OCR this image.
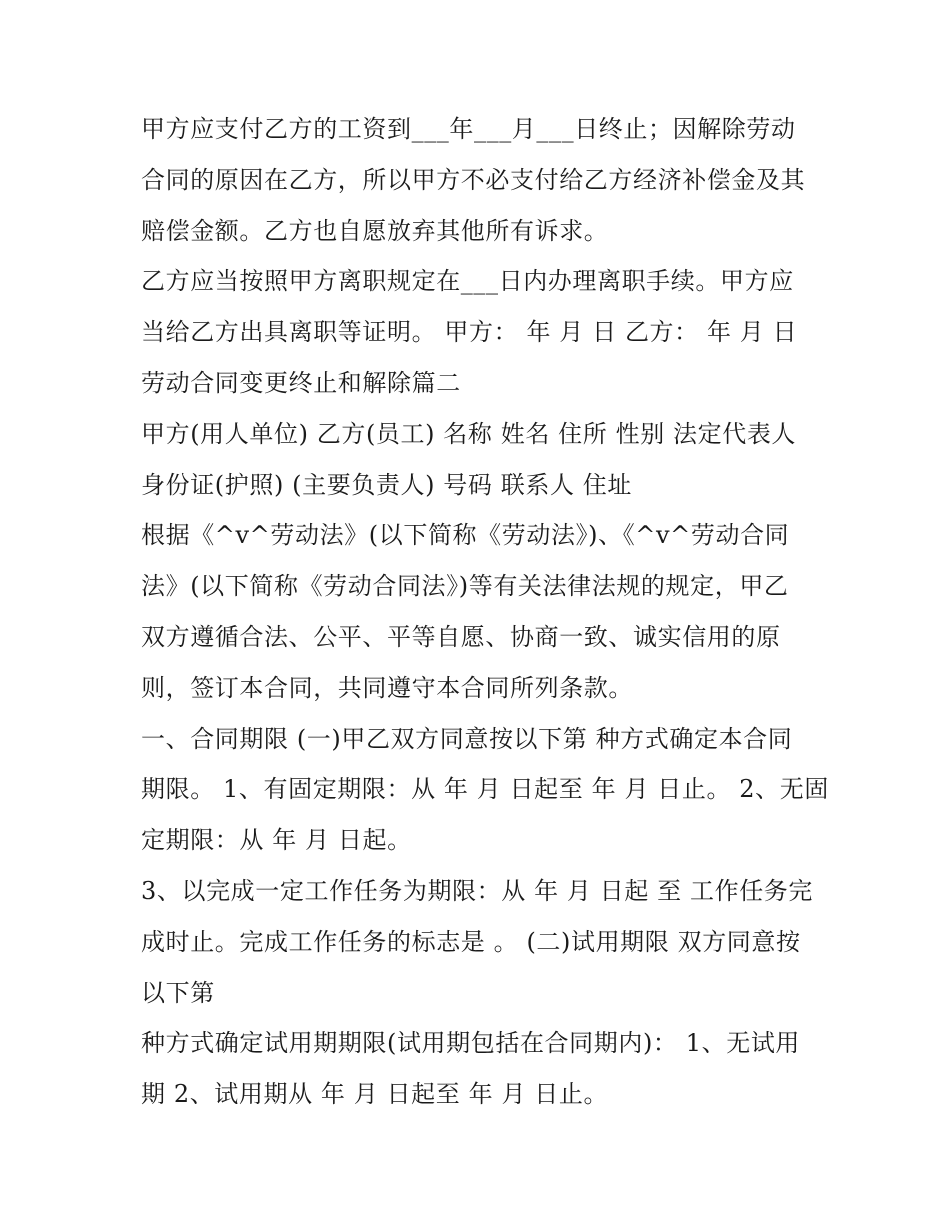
甲方应支付乙方的工资到___年___月___日终止；因解除劳动

合同的原因在乙方，所以甲方不必支付给乙方经济补偿金及其

赔偿金额。乙方也自愿放弃其他所有诉求。

乙方应当按照甲方离职规定在___日内办理离职手续。甲方应

当给乙方出具离职等证明。 甲方： 年 月 日 乙方： 年 月 日

劳动合同变更终止和解除篇二

甲方(用人单位) 乙方(员工) 名称 姓名 住所 性别 法定代表人

身份证(护照) (主要负责人) 号码 联系人 住址

根据《^v^劳动法》(以下简称《劳动法》)、《^v^劳动合同

法》(以下简称《劳动合同法》)等有关法律法规的规定，甲乙

双方遵循合法、公平、平等自愿、协商一致、诚实信用的原

则，签订本合同，共同遵守本合同所列条款。

一、合同期限 (一)甲乙双方同意按以下第 种方式确定本合同

期限。 1、有固定期限：从 年 月 日起至 年 月 日止。 2、无固

定期限：从 年 月 日起。

3、以完成一定工作任务为期限：从 年 月 日起 至 工作任务完

成时止。完成工作任务的标志是 。 (二)试用期限 双方同意按

以下第

种方式确定试用期期限(试用期包括在合同期内)： 1、无试用

期 2、试用期从 年 月 日起至 年 月 日止。
